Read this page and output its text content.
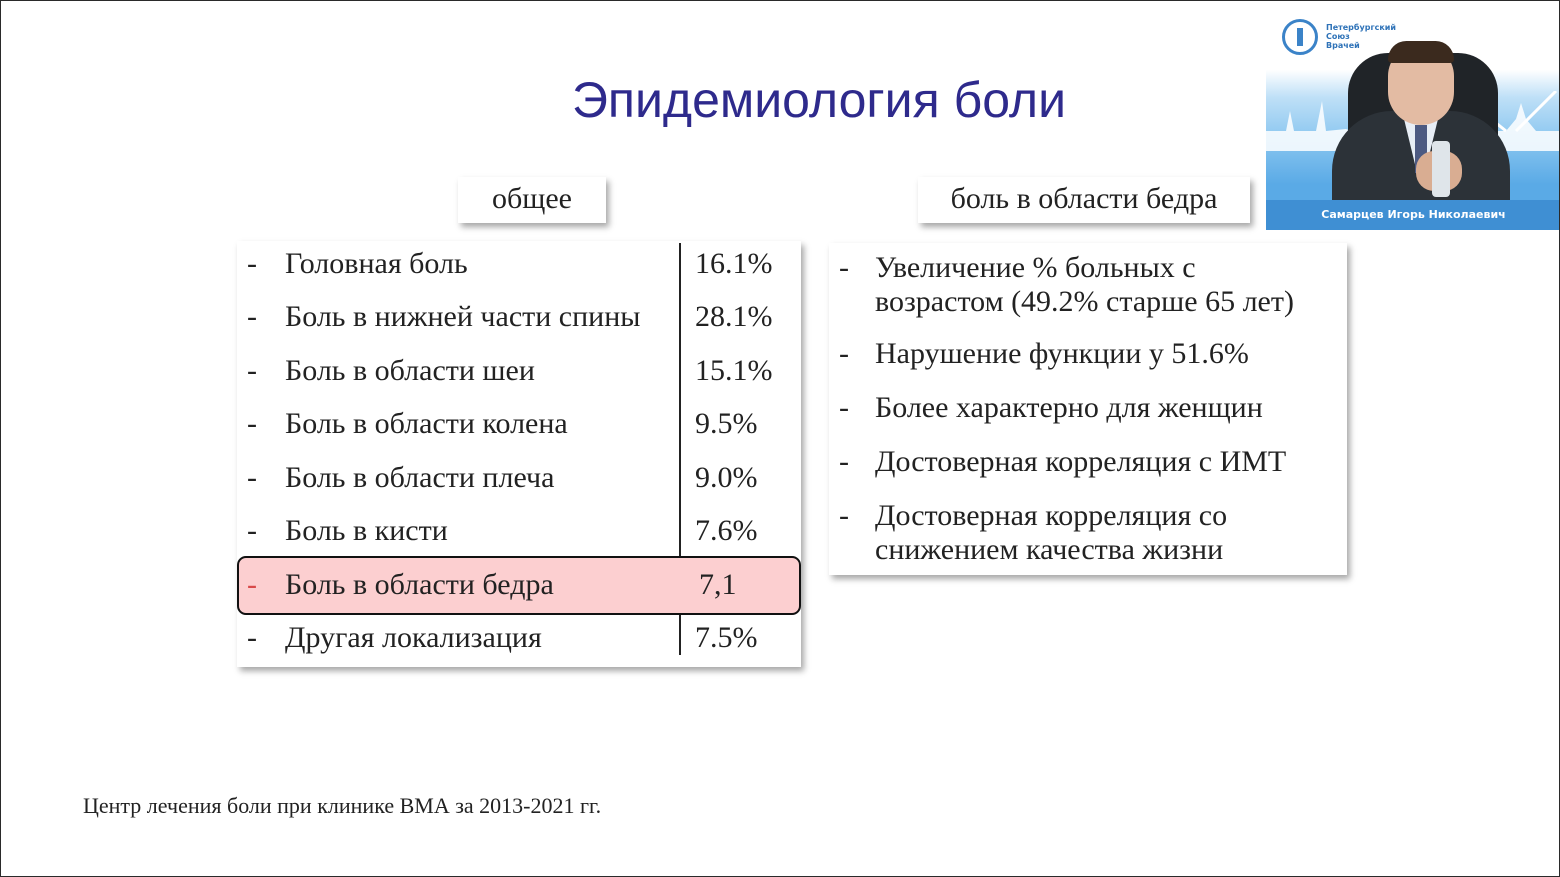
Эпидемиология боли
общее	боль в области бедра
- Головная боль	16.1%
- Боль в нижней части спины 28.1%
- Боль в области шеи	15.1%
- Боль в области колена	9.5%
- Боль в области плеча	9.0%
- Боль в кисти	7.6%
- Боль в области бедра	7,1
- Другая локализация	7.5%
- Увеличение % больных с
возрастом (49.2% старше 65 лет)
- Нарушение функции у 51.6%
- Более характерно для женщин
- Достоверная корреляция с ИМТ
- Достоверная корреляция со
снижением качества жизни
Центр лечения боли при клинике ВМА за 2013-2021 гг.
Петербургский
Союз
Врачей
Самарцев Игорь Николаевич
